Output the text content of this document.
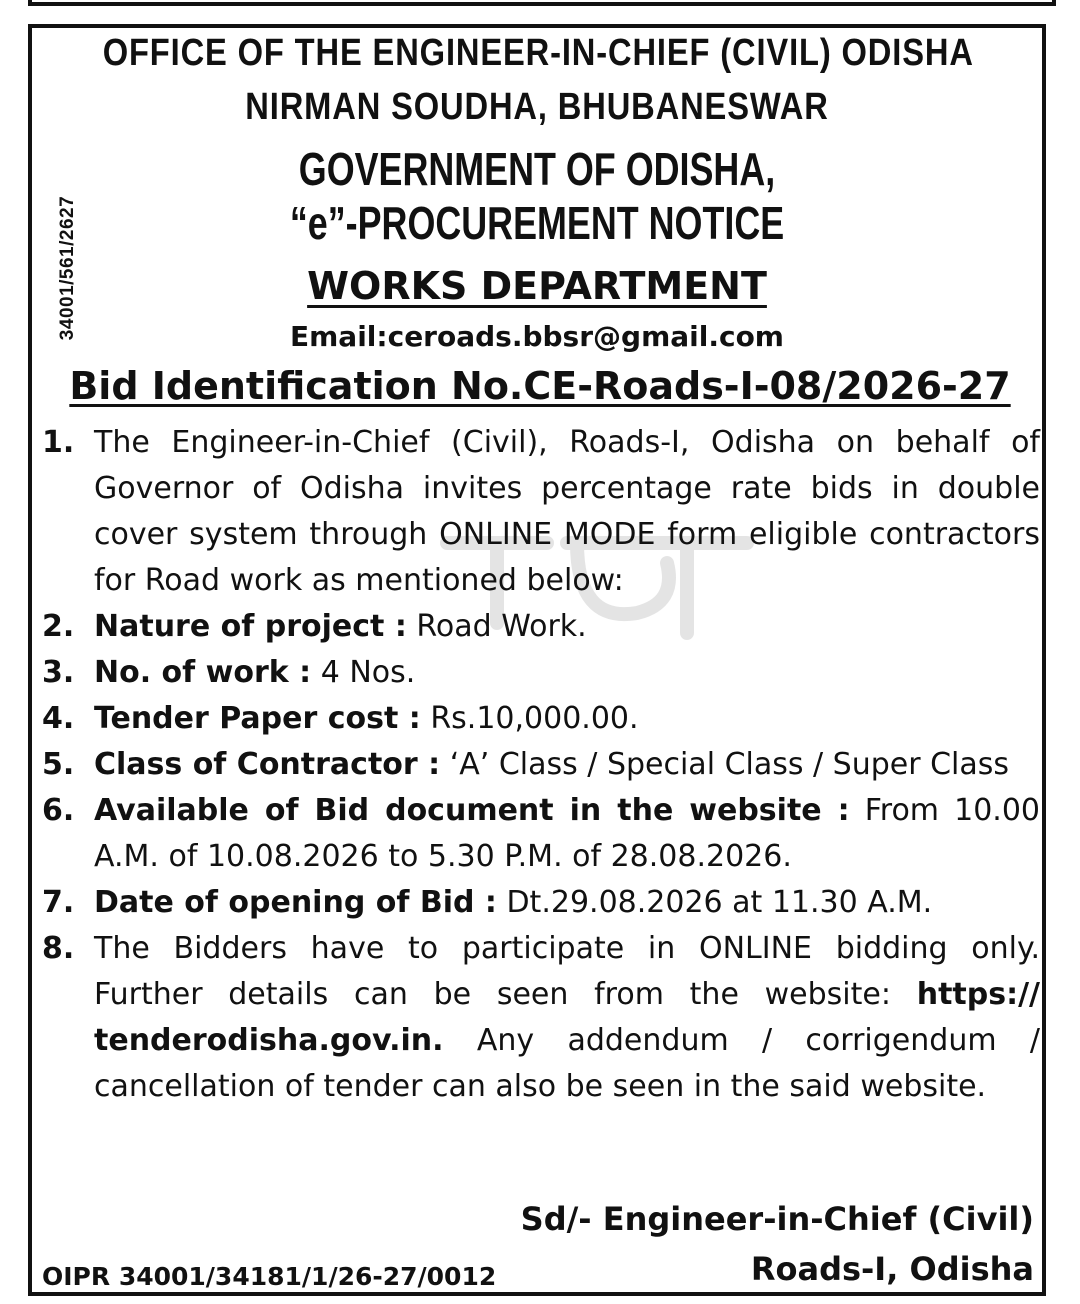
34001/561/2627
OFFICE OF THE ENGINEER-IN-CHIEF (CIVIL) ODISHA
NIRMAN SOUDHA, BHUBANESWAR
GOVERNMENT OF ODISHA,
“e”-PROCUREMENT NOTICE
WORKS DEPARTMENT
Email:ceroads.bbsr@gmail.com
Bid Identification No.CE-Roads-I-08/2026-27
1. The Engineer-in-Chief (Civil), Roads-I, Odisha on behalf of Governor of Odisha invites percentage rate bids in double cover system through ONLINE MODE form eligible contractors for Road work as mentioned below:
2. Nature of project : Road Work.
3. No. of work : 4 Nos.
4. Tender Paper cost : Rs.10,000.00.
5. Class of Contractor : ‘A’ Class / Special Class / Super Class
6. Available of Bid document in the website : From 10.00 A.M. of 10.08.2026 to 5.30 P.M. of 28.08.2026.
7. Date of opening of Bid : Dt.29.08.2026 at 11.30 A.M.
8. The Bidders have to participate in ONLINE bidding only. Further details can be seen from the website: https:// tenderodisha.gov.in. Any addendum / corrigendum / cancellation of tender can also be seen in the said website.
Sd/- Engineer-in-Chief (Civil)
OIPR 34001/34181/1/26-27/0012	Roads-I, Odisha
